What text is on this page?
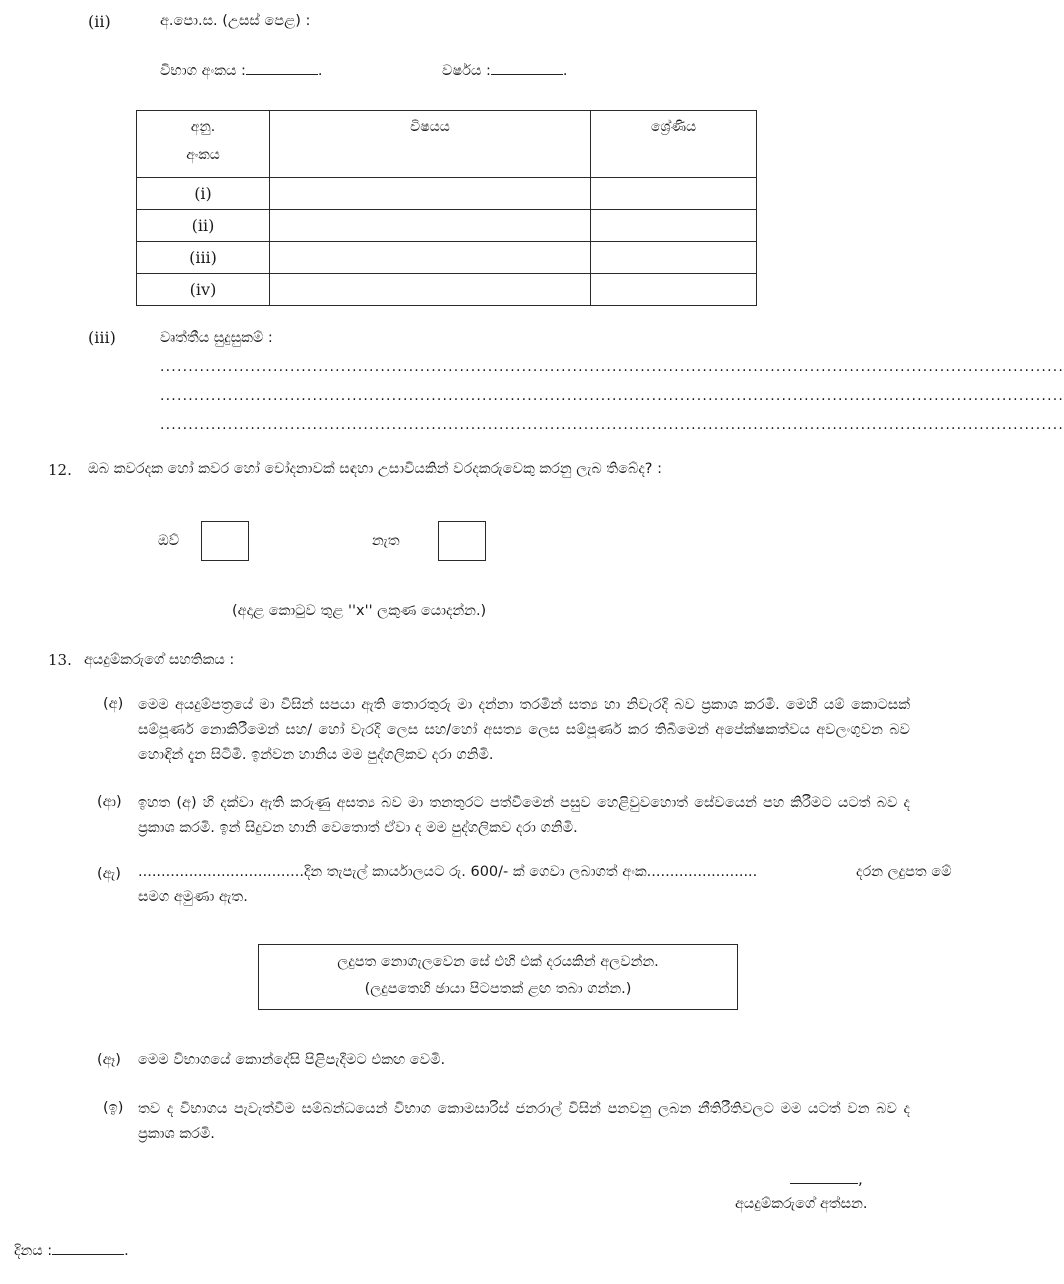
(ii)	අ.පො.ස. (උසස් පෙළ) :
විභාග අංකය :	.	වර්ෂය :	.
අනු.
අංකය	විෂයය	ශ්‍රේණිය
(i)		
(ii)		
(iii)		
(iv)		
(iii)	වෘත්තීය සුදුසුකම් :
................................................................................................................................................................
................................................................................................................................................................
................................................................................................................................................................
12. ඔබ කවරදක හෝ කවර හෝ චෝදනාවක් සඳහා උසාවියකින් වරදකරුවෙකු කරනු ලැබ තිබේද? :
ඔව්	නැත
(අදාළ කොටුව තුළ ''x'' ලකුණ යොදන්න.)
13. අයදුම්කරුගේ සහතිකය :
(අ) මෙම අයදුම්පත්‍රයේ මා විසින් සපයා ඇති තොරතුරු මා දන්නා තරමින් සත්‍ය හා නිවැරදි බව ප්‍රකාශ කරමි. මෙහි යම් කොටසක් සම්පූර්ණ නොකිරීමෙන් සහ/ හෝ වැරදි ලෙස සහ/හෝ අසත්‍ය ලෙස සම්පූර්ණ කර තිබීමෙන් අපේක්ෂකත්වය අවලංගුවන බව හොඳින් දැන සිටිමි. ඉන්වන හානිය මම පුද්ගලිකව දරා ගනිමි.
(ආ) ඉහත (අ) හි දක්වා ඇති කරුණු අසත්‍ය බව මා තනතුරට පත්වීමෙන් පසුව හෙළිවුවහොත් සේවයෙන් පහ කිරීමට යටත් බව ද ප්‍රකාශ කරමි. ඉන් සිදුවන හානි වෙතොත් ඒවා ද මම පුද්ගලිකව දරා ගනිමි.
(ඇ) ....................................දින තැපැල් කාර්යාලයට රු. 600/- ක් ගෙවා ලබාගත් අංක........................	දරන ලදුපත මේ
සමග අමුණා ඇත.
ලදුපත නොගැලවෙන සේ එහි එක් දරයකින් අලවන්න.
(ලදුපතෙහි ඡායා පිටපතක් ළඟ තබා ගන්න.)
(ඈ) මෙම විභාගයේ කොන්දේසි පිළිපැදීමට එකඟ වෙමි.
(ඉ) තව ද විභාගය පැවැත්වීම සම්බන්ධයෙන් විභාග කොමසාරිස් ජනරාල් විසින් පනවනු ලබන නීතිරීතිවලට මම යටත් වන බව ද ප්‍රකාශ කරමි.
,
අයදුම්කරුගේ අත්සන.
දිනය :	.
